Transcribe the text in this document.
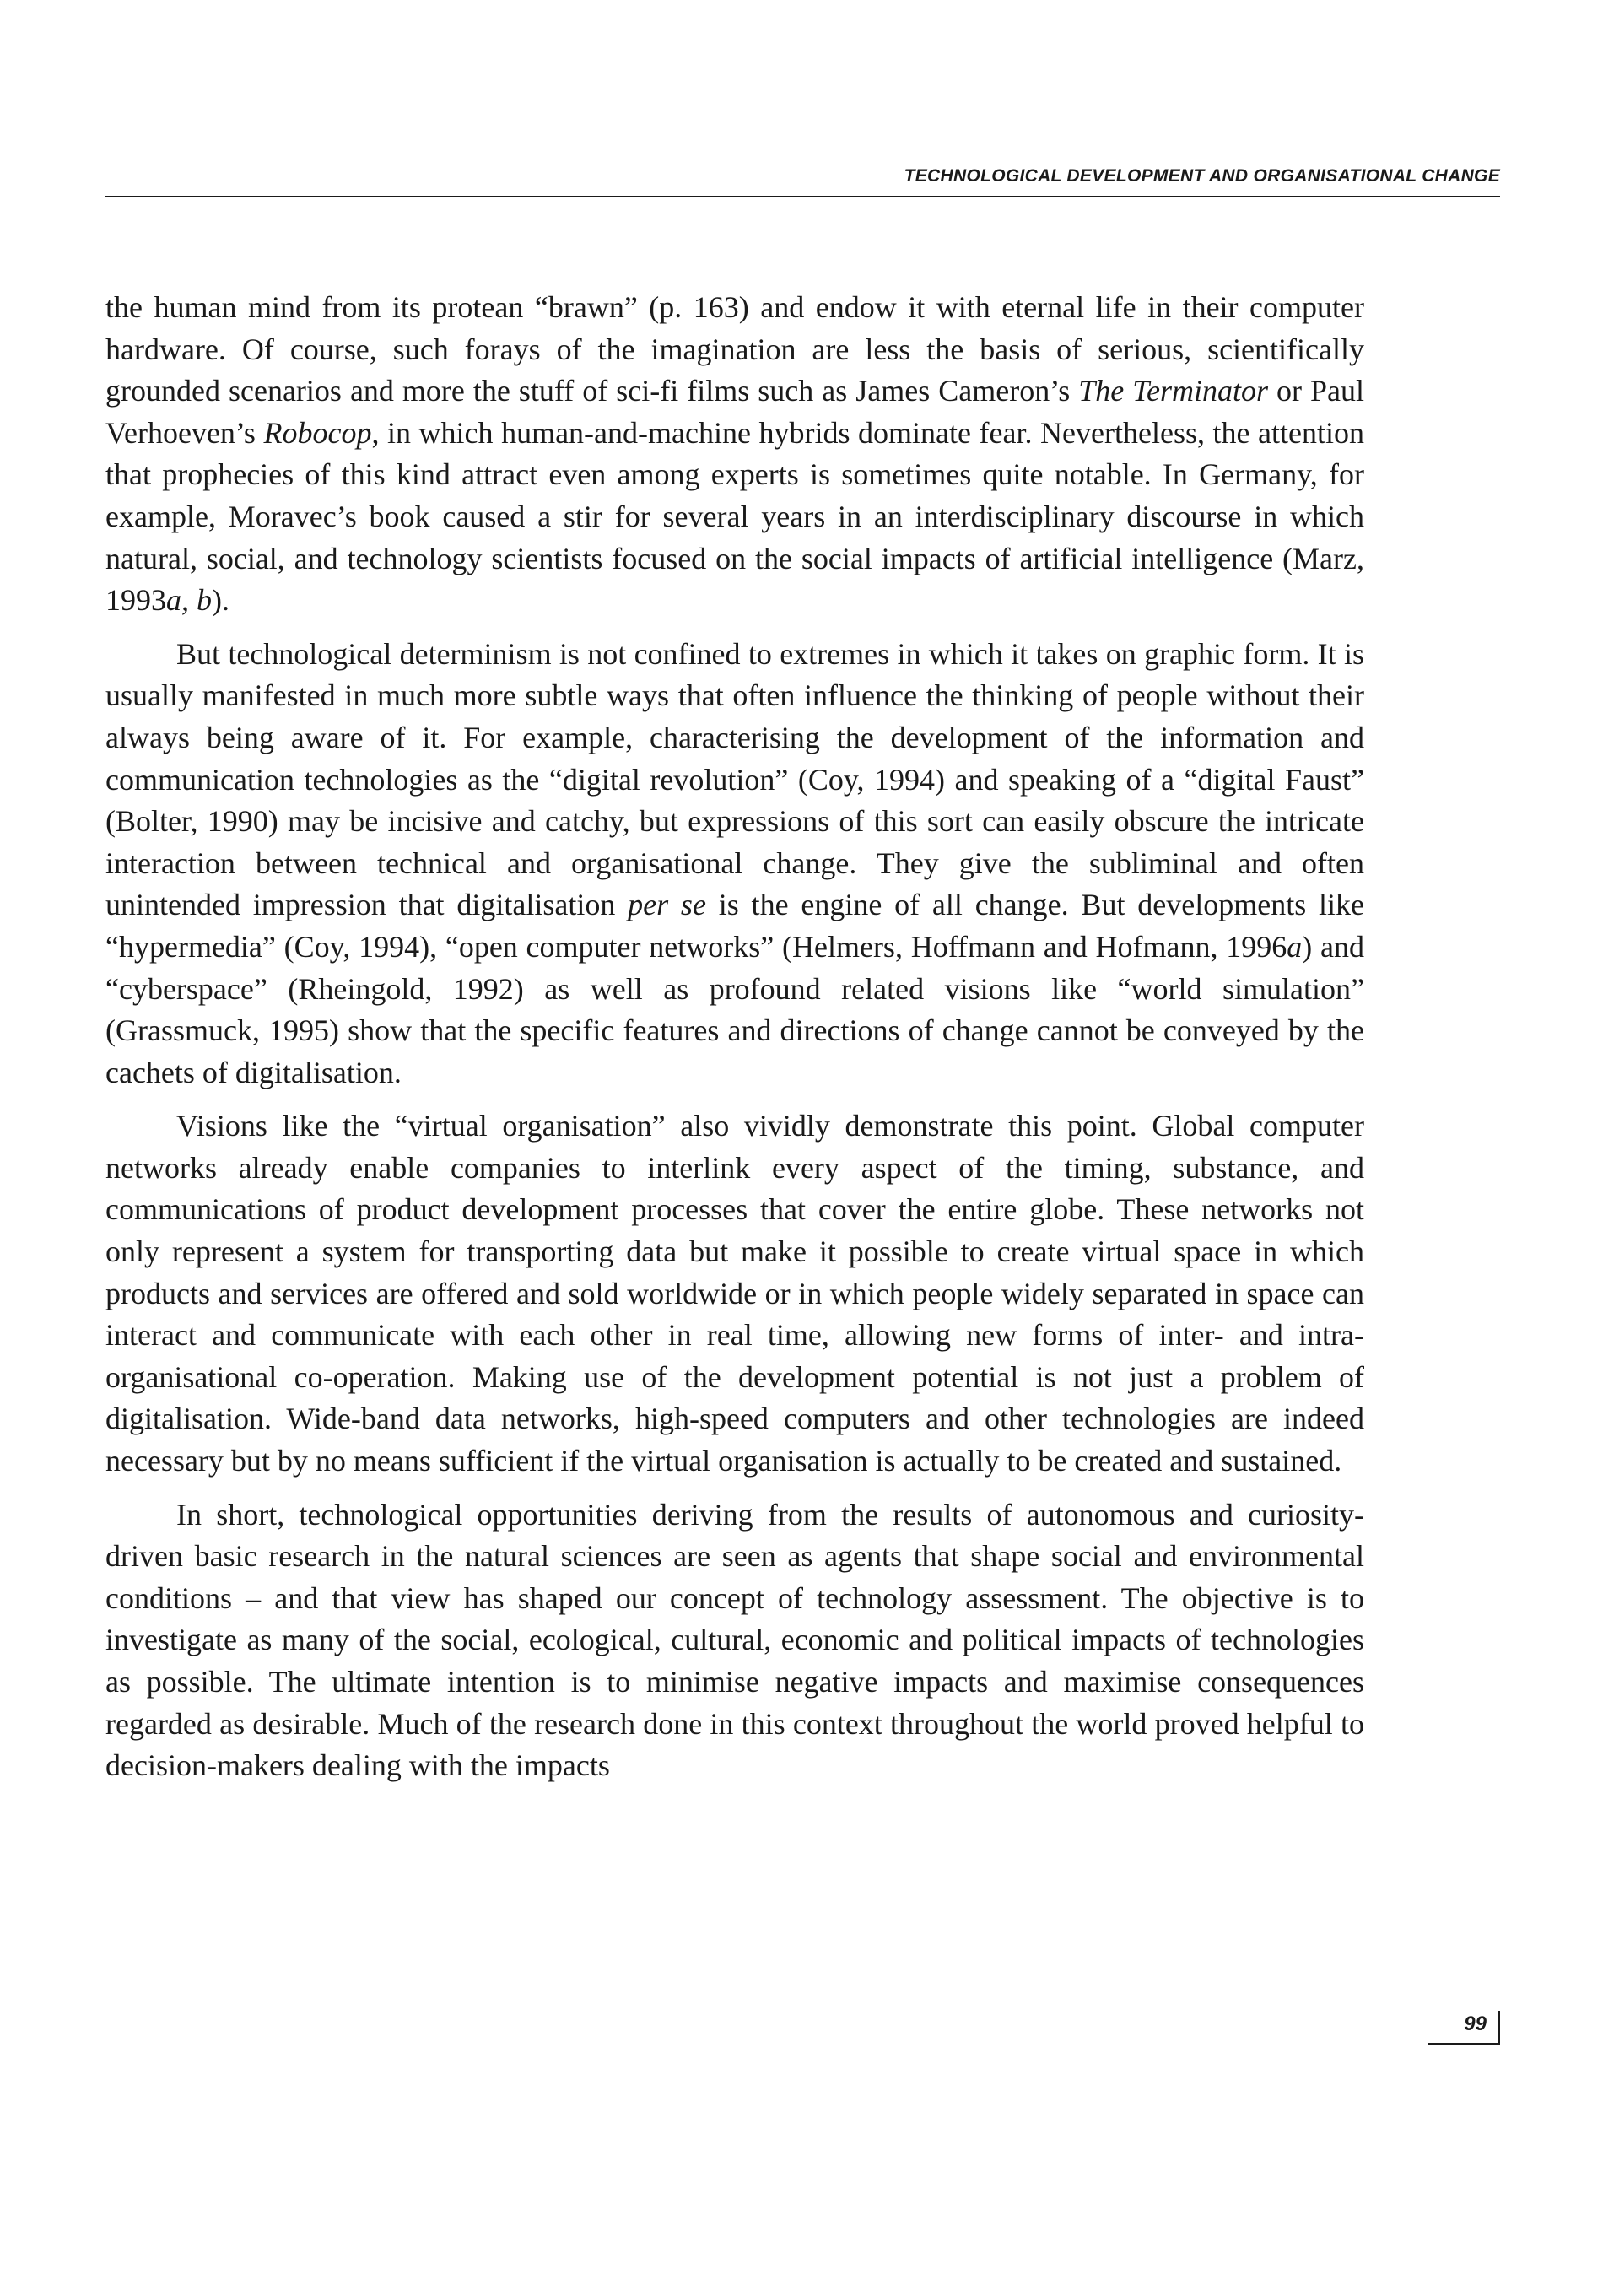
TECHNOLOGICAL DEVELOPMENT AND ORGANISATIONAL CHANGE

the human mind from its protean “brawn” (p. 163) and endow it with eternal life in their computer hardware. Of course, such forays of the imagination are less the basis of serious, scientifically grounded scenarios and more the stuff of sci-fi films such as James Cameron’s The Terminator or Paul Verhoeven’s Robocop, in which human-and-machine hybrids dominate fear. Nevertheless, the attention that prophecies of this kind attract even among experts is sometimes quite notable. In Germany, for example, Moravec’s book caused a stir for several years in an interdisciplinary discourse in which natural, social, and technology scientists focused on the social impacts of artificial intelligence (Marz, 1993a, b).

But technological determinism is not confined to extremes in which it takes on graphic form. It is usually manifested in much more subtle ways that often influence the thinking of people without their always being aware of it. For example, characterising the development of the information and communication technologies as the “digital revolution” (Coy, 1994) and speaking of a “digital Faust” (Bolter, 1990) may be incisive and catchy, but expressions of this sort can easily obscure the intricate interaction between technical and organisational change. They give the subliminal and often unintended impression that digitalisation per se is the engine of all change. But developments like “hypermedia” (Coy, 1994), “open computer networks” (Helmers, Hoffmann and Hofmann, 1996a) and “cyberspace” (Rheingold, 1992) as well as profound related visions like “world simulation” (Grassmuck, 1995) show that the specific features and directions of change cannot be conveyed by the cachets of digitalisation.

Visions like the “virtual organisation” also vividly demonstrate this point. Global computer networks already enable companies to interlink every aspect of the timing, substance, and communications of product development processes that cover the entire globe. These networks not only represent a system for transporting data but make it possible to create virtual space in which products and services are offered and sold worldwide or in which people widely separated in space can interact and communicate with each other in real time, allowing new forms of inter- and intra-organisational co-operation. Making use of the development potential is not just a problem of digitalisation. Wide-band data networks, high-speed computers and other technologies are indeed necessary but by no means sufficient if the virtual organisation is actually to be created and sustained.

In short, technological opportunities deriving from the results of autonomous and curiosity-driven basic research in the natural sciences are seen as agents that shape social and environmental conditions – and that view has shaped our concept of technology assessment. The objective is to investigate as many of the social, ecological, cultural, economic and political impacts of technologies as possible. The ultimate intention is to minimise negative impacts and maximise consequences regarded as desirable. Much of the research done in this context throughout the world proved helpful to decision-makers dealing with the impacts

99
